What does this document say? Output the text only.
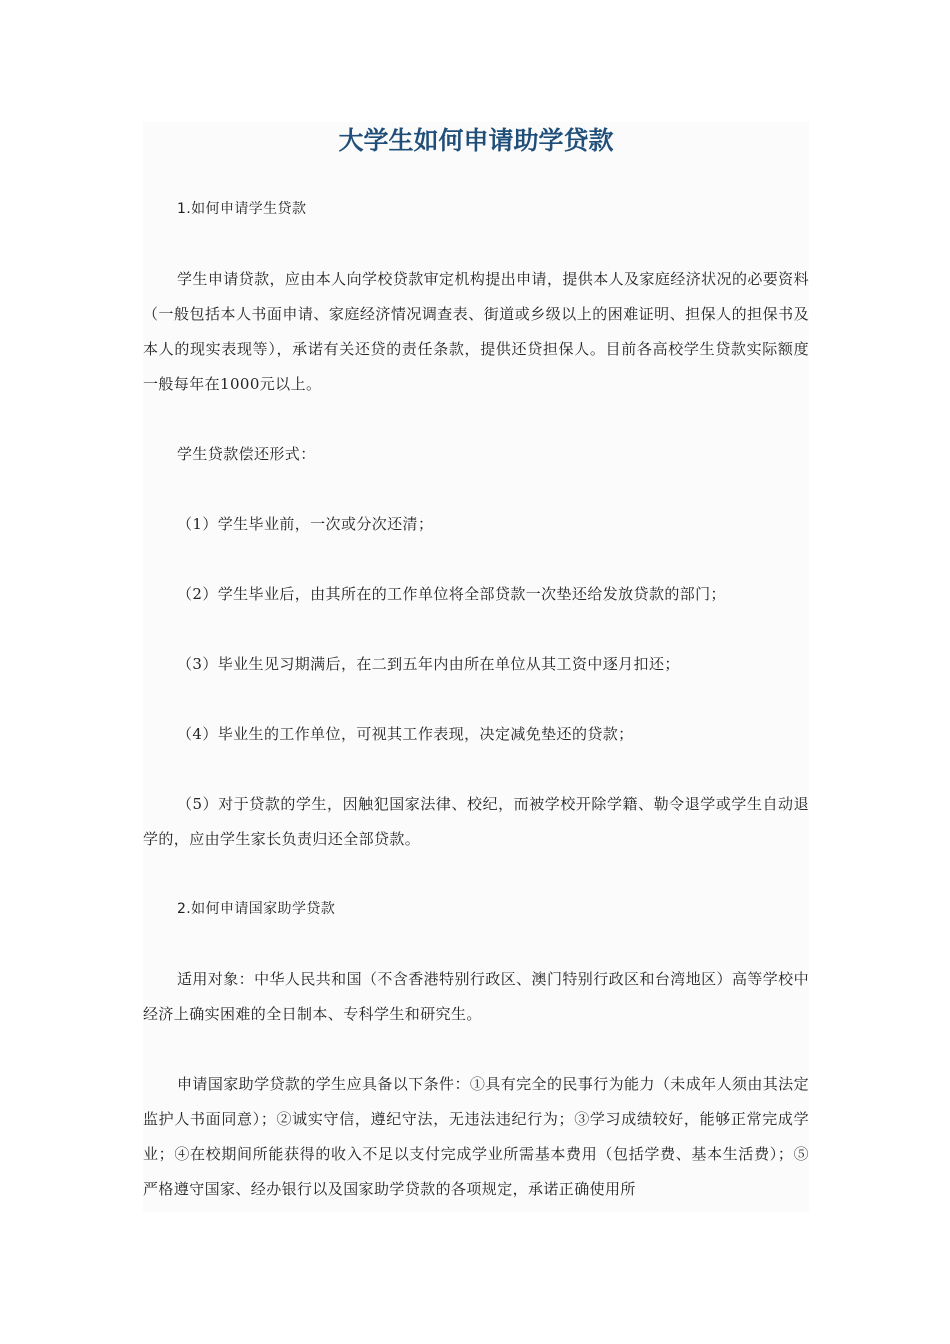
大学生如何申请助学贷款

1.如何申请学生贷款

学生申请贷款，应由本人向学校贷款审定机构提出申请，提供本人及家庭经济状况的必要资料（一般包括本人书面申请、家庭经济情况调查表、街道或乡级以上的困难证明、担保人的担保书及本人的现实表现等），承诺有关还贷的责任条款，提供还贷担保人。目前各高校学生贷款实际额度一般每年在1000元以上。

学生贷款偿还形式：

（1）学生毕业前，一次或分次还清；

（2）学生毕业后，由其所在的工作单位将全部贷款一次垫还给发放贷款的部门；

（3）毕业生见习期满后，在二到五年内由所在单位从其工资中逐月扣还；

（4）毕业生的工作单位，可视其工作表现，决定减免垫还的贷款；

（5）对于贷款的学生，因触犯国家法律、校纪，而被学校开除学籍、勒令退学或学生自动退学的，应由学生家长负责归还全部贷款。

2.如何申请国家助学贷款

适用对象：中华人民共和国（不含香港特别行政区、澳门特别行政区和台湾地区）高等学校中经济上确实困难的全日制本、专科学生和研究生。

申请国家助学贷款的学生应具备以下条件：①具有完全的民事行为能力（未成年人须由其法定监护人书面同意）；②诚实守信，遵纪守法，无违法违纪行为；③学习成绩较好，能够正常完成学业；④在校期间所能获得的收入不足以支付完成学业所需基本费用（包括学费、基本生活费）；⑤严格遵守国家、经办银行以及国家助学贷款的各项规定，承诺正确使用所
